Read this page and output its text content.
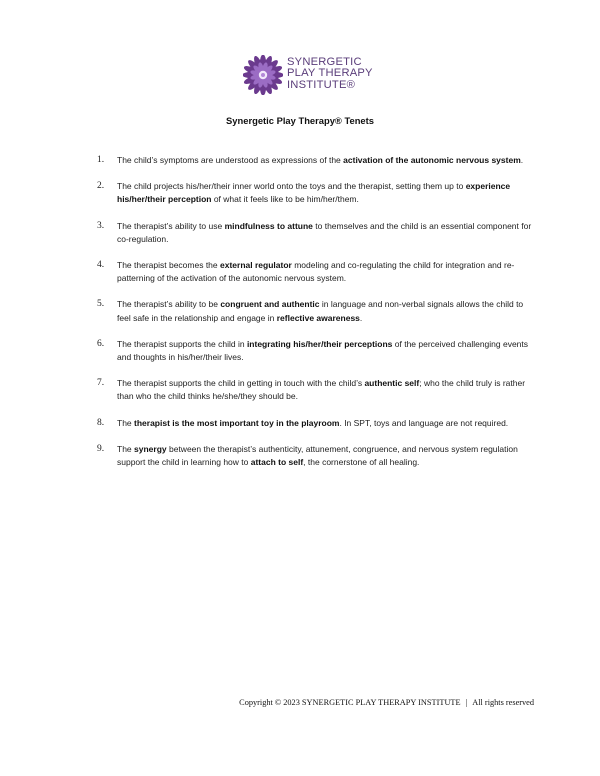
SYNERGETIC
PLAY THERAPY
INSTITUTE®
Synergetic Play Therapy® Tenets
1. The child’s symptoms are understood as expressions of the activation of the autonomic nervous system.
2. The child projects his/her/their inner world onto the toys and the therapist, setting them up to experience his/her/their perception of what it feels like to be him/her/them.
3. The therapist’s ability to use mindfulness to attune to themselves and the child is an essential component for co-regulation.
4. The therapist becomes the external regulator modeling and co-regulating the child for integration and re-patterning of the activation of the autonomic nervous system.
5. The therapist’s ability to be congruent and authentic in language and non-verbal signals allows the child to feel safe in the relationship and engage in reflective awareness.
6. The therapist supports the child in integrating his/her/their perceptions of the perceived challenging events and thoughts in his/her/their lives.
7. The therapist supports the child in getting in touch with the child’s authentic self; who the child truly is rather than who the child thinks he/she/they should be.
8. The therapist is the most important toy in the playroom. In SPT, toys and language are not required.
9. The synergy between the therapist’s authenticity, attunement, congruence, and nervous system regulation support the child in learning how to attach to self, the cornerstone of all healing.
Copyright © 2023 SYNERGETIC PLAY THERAPY INSTITUTE | All rights reserved
